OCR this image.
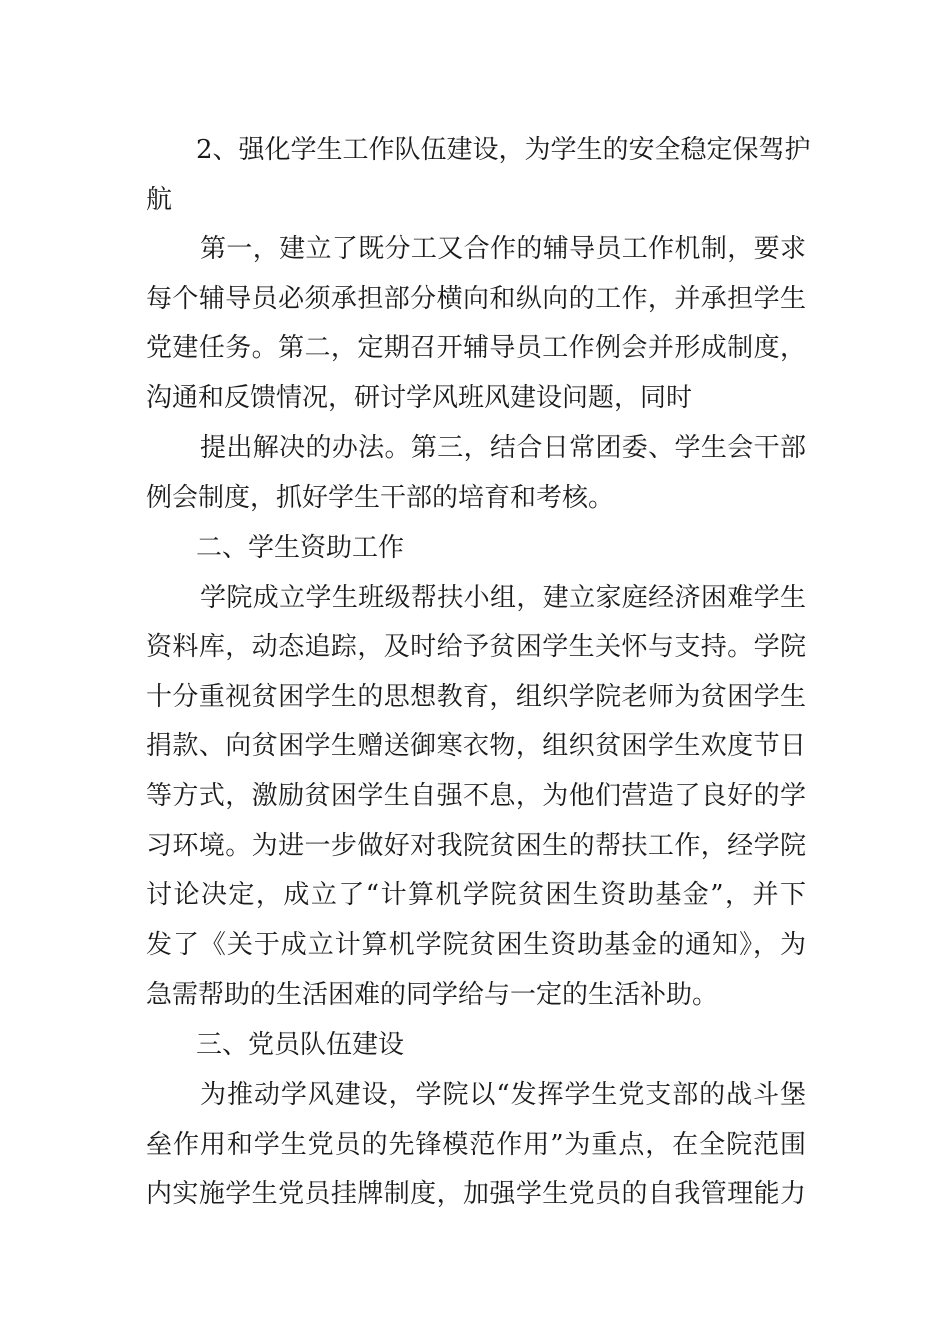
2、强化学生工作队伍建设，为学生的安全稳定保驾护
航
第一，建立了既分工又合作的辅导员工作机制，要求
每个辅导员必须承担部分横向和纵向的工作，并承担学生
党建任务。第二，定期召开辅导员工作例会并形成制度，
沟通和反馈情况，研讨学风班风建设问题，同时
提出解决的办法。第三，结合日常团委、学生会干部
例会制度，抓好学生干部的培育和考核。
二、学生资助工作
学院成立学生班级帮扶小组，建立家庭经济困难学生
资料库，动态追踪，及时给予贫困学生关怀与支持。学院
十分重视贫困学生的思想教育，组织学院老师为贫困学生
捐款、向贫困学生赠送御寒衣物，组织贫困学生欢度节日
等方式，激励贫困学生自强不息，为他们营造了良好的学
习环境。为进一步做好对我院贫困生的帮扶工作，经学院
讨论决定，成立了“计算机学院贫困生资助基金”，并下
发了《关于成立计算机学院贫困生资助基金的通知》，为
急需帮助的生活困难的同学给与一定的生活补助。
三、党员队伍建设
为推动学风建设，学院以“发挥学生党支部的战斗堡
垒作用和学生党员的先锋模范作用”为重点，在全院范围
内实施学生党员挂牌制度，加强学生党员的自我管理能力
